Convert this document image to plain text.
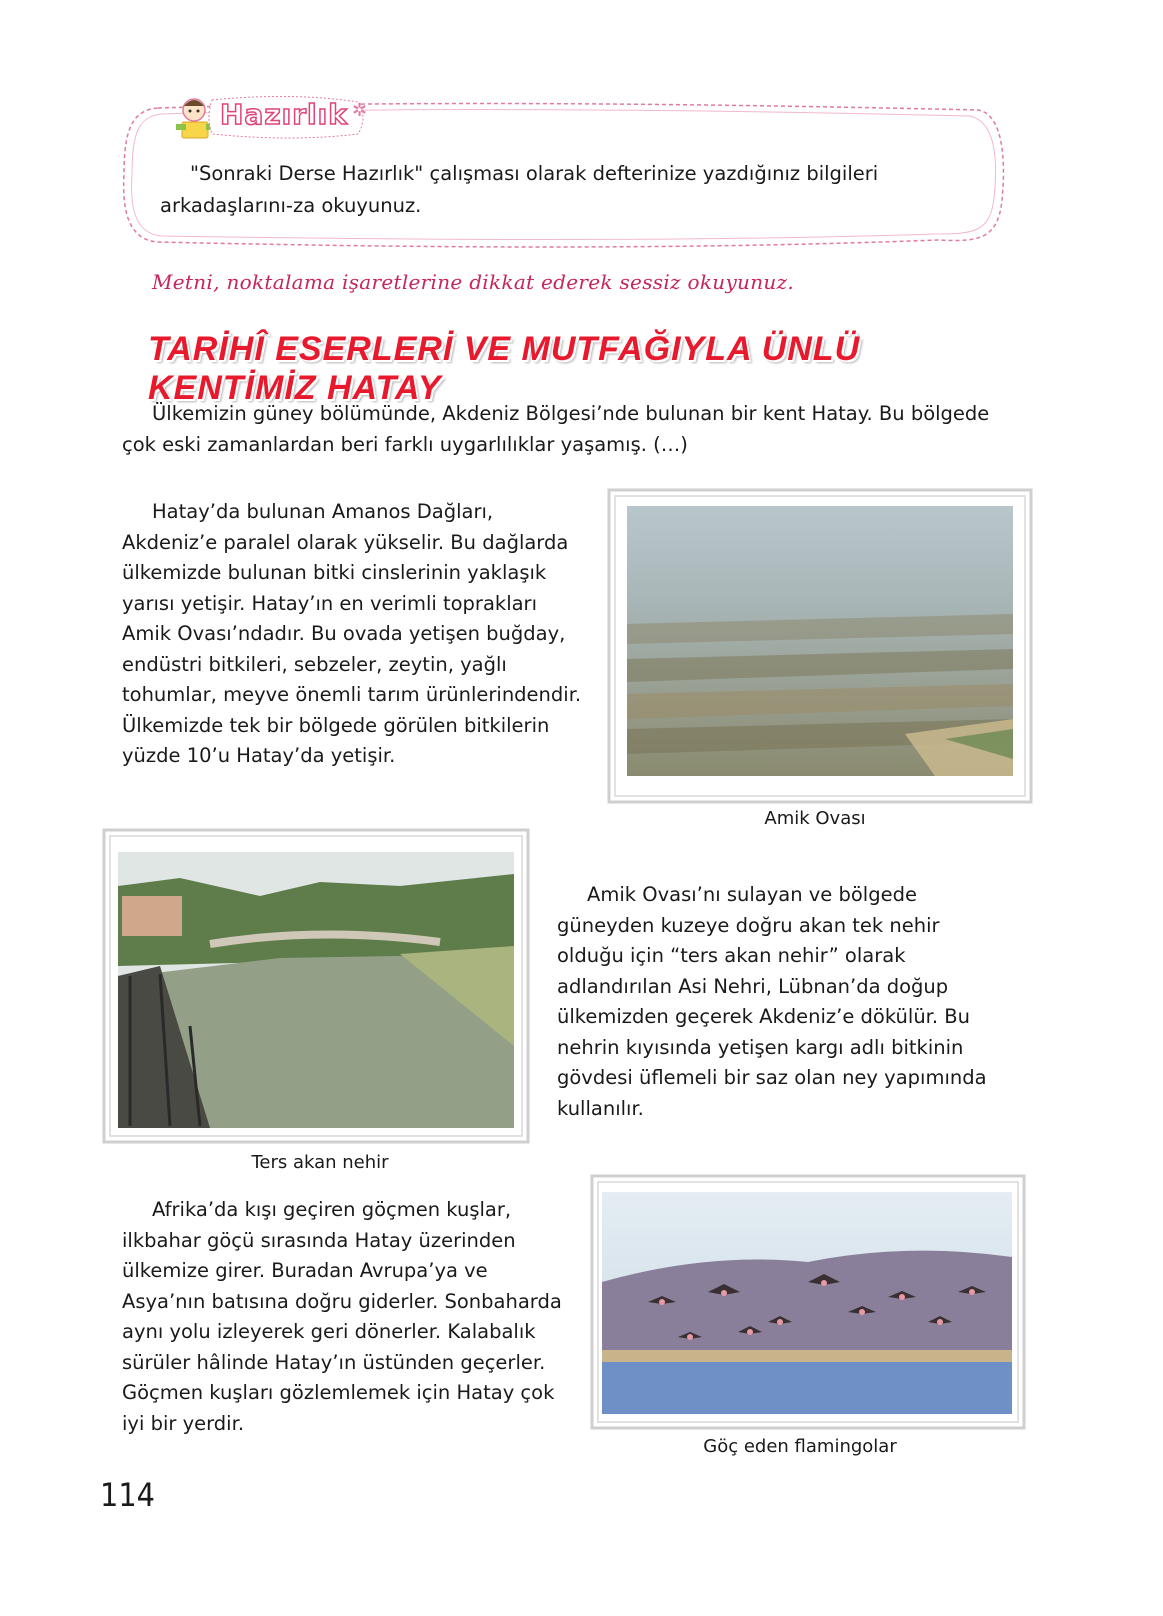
Hazırlık ✲

"Sonraki Derse Hazırlık" çalışması olarak defterinize yazdığınız bilgileri arkadaşlarını-za okuyunuz.

Metni, noktalama işaretlerine dikkat ederek sessiz okuyunuz.
TARİHÎ ESERLERİ VE MUTFAĞIYLA ÜNLÜ KENTİMİZ HATAY

Ülkemizin güney bölümünde, Akdeniz Bölgesi’nde bulunan bir kent Hatay. Bu bölgede çok eski zamanlardan beri farklı uygarlılıklar yaşamış. (…)

Hatay’da bulunan Amanos Dağları, Akdeniz’e paralel olarak yükselir. Bu dağlarda ülkemizde bulunan bitki cinslerinin yaklaşık yarısı yetişir. Hatay’ın en verimli toprakları Amik Ovası’ndadır. Bu ovada yetişen buğday, endüstri bitkileri, sebzeler, zeytin, yağlı tohumlar, meyve önemli tarım ürünlerindendir. Ülkemizde tek bir bölgede görülen bitkilerin yüzde 10’u Hatay’da yetişir.

Amik Ovası
Ters akan nehir

Amik Ovası’nı sulayan ve bölgede güneyden kuzeye doğru akan tek nehir olduğu için “ters akan nehir” olarak adlandırılan Asi Nehri, Lübnan’da doğup ülkemizden geçerek Akdeniz’e dökülür. Bu nehrin kıyısında yetişen kargı adlı bitkinin gövdesi üflemeli bir saz olan ney yapımında kullanılır.

Afrika’da kışı geçiren göçmen kuşlar, ilkbahar göçü sırasında Hatay üzerinden ülkemize girer. Buradan Avrupa’ya ve Asya’nın batısına doğru giderler. Sonbaharda aynı yolu izleyerek geri dönerler. Kalabalık sürüler hâlinde Hatay’ın üstünden geçerler. Göçmen kuşları gözlemlemek için Hatay çok iyi bir yerdir.

Göç eden flamingolar
114
